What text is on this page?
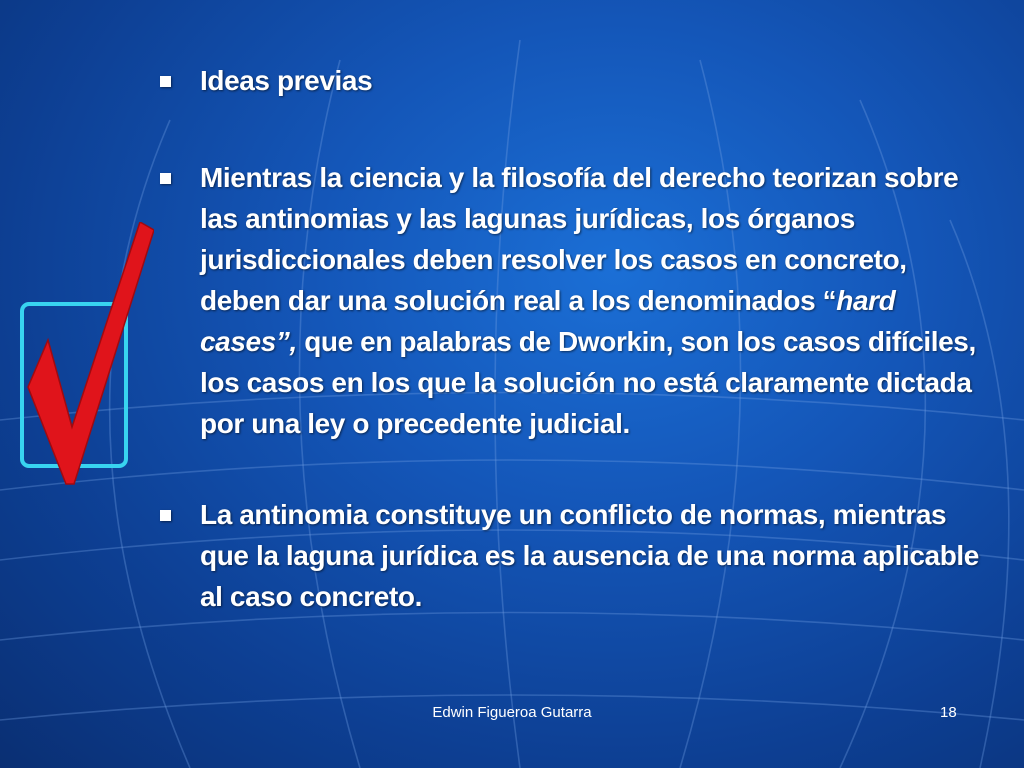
Ideas previas

Mientras la ciencia y la filosofía del derecho teorizan sobre las antinomias y las lagunas jurídicas, los órganos jurisdiccionales deben resolver los casos en concreto, deben dar una solución real a los denominados “hard cases”, que en palabras de Dworkin, son los casos difíciles, los casos en los que la solución no está claramente dictada por una ley o precedente judicial.

La antinomia constituye un conflicto de normas, mientras que la laguna jurídica es la ausencia de una norma aplicable al caso concreto.

Edwin Figueroa Gutarra	18
